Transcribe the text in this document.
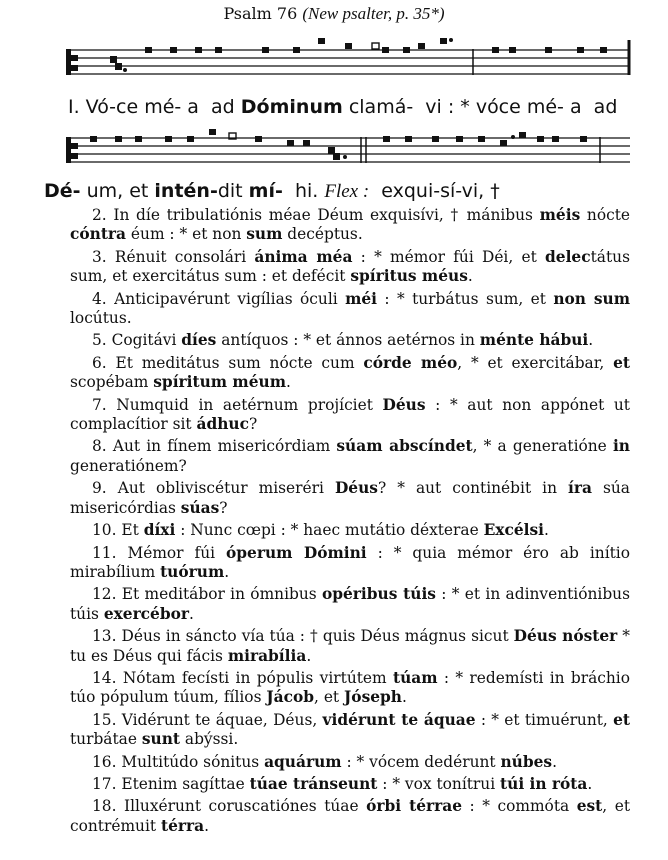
Psalm 76 (New psalter, p. 35*)
I. Vó-ce mé- a  ad Dóminum clamá-  vi : * vóce mé- a  ad
Dé- um, et intén-dit mí-  hi. Flex :  exqui-sí-vi, †
2. In díe tribulatiónis méae Déum exquisívi, † mánibus méis nócte cóntra éum : * et non sum decéptus.
3. Rénuit consolári ánima méa : * mémor fúi Déi, et delectátus sum, et exercitátus sum : et defécit spíritus méus.
4. Anticipavérunt vigílias óculi méi : * turbátus sum, et non sum locútus.
5. Cogitávi díes antíquos : * et ánnos aetérnos in ménte hábui.
6. Et meditátus sum nócte cum córde méo, * et exercitábar, et scopébam spíritum méum.
7. Numquid in aetérnum projíciet Déus : * aut non appónet ut complacítior sit ádhuc?
8. Aut in fínem misericórdiam súam abscíndet, * a generatióne in generatiónem?
9. Aut obliviscétur miseréri Déus? * aut continébit in íra súa misericórdias súas?
10. Et díxi : Nunc cœpi : * haec mutátio déxterae Excélsi.
11. Mémor fúi óperum Dómini : * quia mémor éro ab inítio mirabílium tuórum.
12. Et meditábor in ómnibus opéribus túis : * et in adinventiónibus túis exercébor.
13. Déus in sáncto vía túa : † quis Déus mágnus sicut Déus nóster * tu es Déus qui fácis mirabília.
14. Nótam fecísti in pópulis virtútem túam : * redemísti in bráchio túo pópulum túum, fílios Jácob, et Jóseph.
15. Vidérunt te áquae, Déus, vidérunt te áquae : * et timuérunt, et turbátae sunt abýssi.
16. Multitúdo sónitus aquárum : * vócem dedérunt núbes.
17. Etenim sagíttae túae tránseunt : * vox tonítrui túi in róta.
18. Illuxérunt coruscatiónes túae órbi térrae : * commóta est, et contrémuit térra.
